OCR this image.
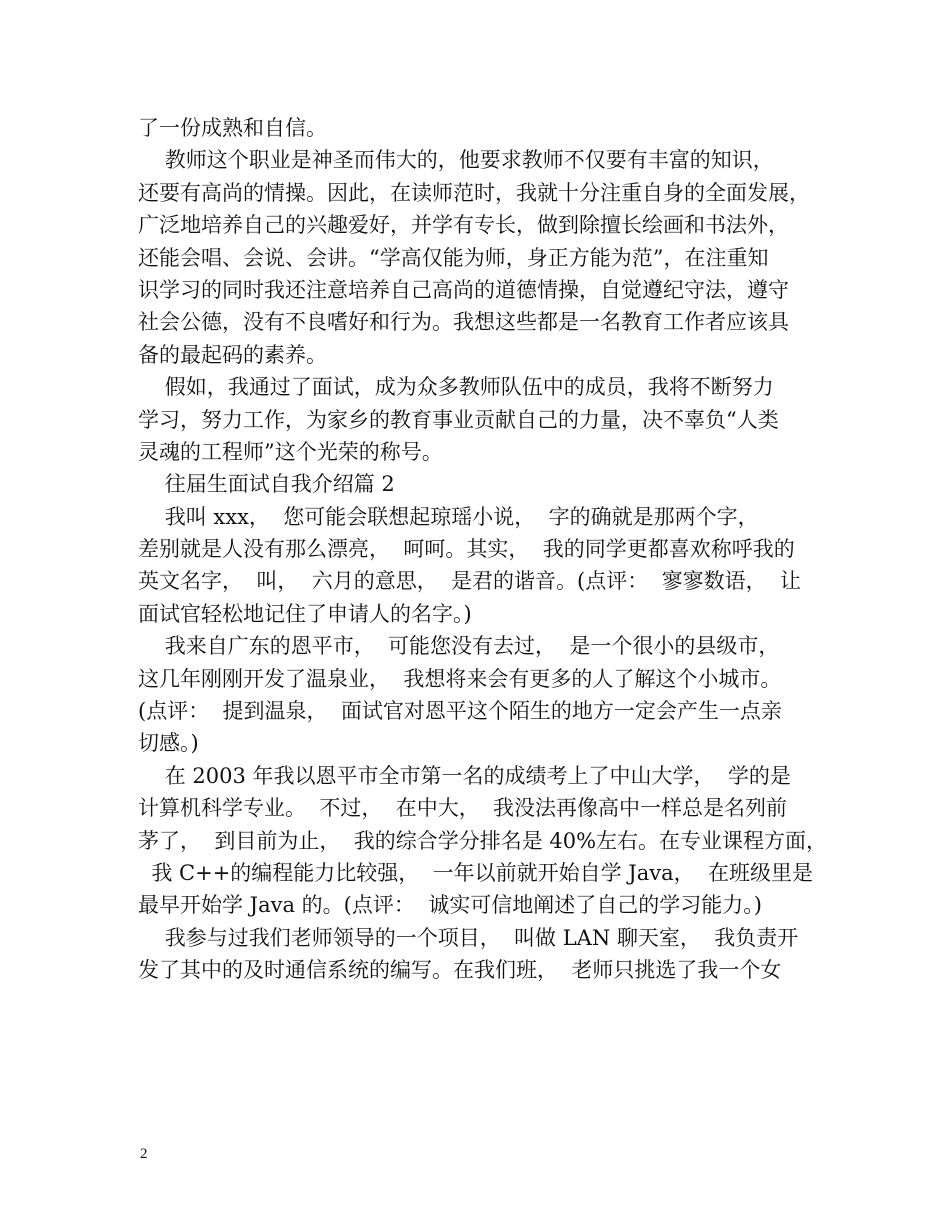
了一份成熟和自信。
教师这个职业是神圣而伟大的，他要求教师不仅要有丰富的知识，
还要有高尚的情操。因此，在读师范时，我就十分注重自身的全面发展，
广泛地培养自己的兴趣爱好，并学有专长，做到除擅长绘画和书法外，
还能会唱、会说、会讲。“学高仅能为师，身正方能为范”，在注重知
识学习的同时我还注意培养自己高尚的道德情操，自觉遵纪守法，遵守
社会公德，没有不良嗜好和行为。我想这些都是一名教育工作者应该具
备的最起码的素养。
假如，我通过了面试，成为众多教师队伍中的成员，我将不断努力
学习，努力工作，为家乡的教育事业贡献自己的力量，决不辜负“人类
灵魂的工程师”这个光荣的称号。
往届生面试自我介绍篇 2
我叫 xxx，  您可能会联想起琼瑶小说，  字的确就是那两个字，
差别就是人没有那么漂亮，  呵呵。其实，  我的同学更都喜欢称呼我的
英文名字，  叫，  六月的意思，  是君的谐音。(点评：  寥寥数语，  让
面试官轻松地记住了申请人的名字。)
我来自广东的恩平市，  可能您没有去过，  是一个很小的县级市，
这几年刚刚开发了温泉业，  我想将来会有更多的人了解这个小城市。
(点评：  提到温泉，  面试官对恩平这个陌生的地方一定会产生一点亲
切感。)
在 2003 年我以恩平市全市第一名的成绩考上了中山大学，  学的是
计算机科学专业。  不过，  在中大，  我没法再像高中一样总是名列前
茅了，  到目前为止，  我的综合学分排名是 40%左右。在专业课程方面，
我 C++的编程能力比较强，  一年以前就开始自学 Java，  在班级里是
最早开始学 Java 的。(点评：  诚实可信地阐述了自己的学习能力。)
我参与过我们老师领导的一个项目，  叫做 LAN 聊天室，  我负责开
发了其中的及时通信系统的编写。在我们班，  老师只挑选了我一个女
2
